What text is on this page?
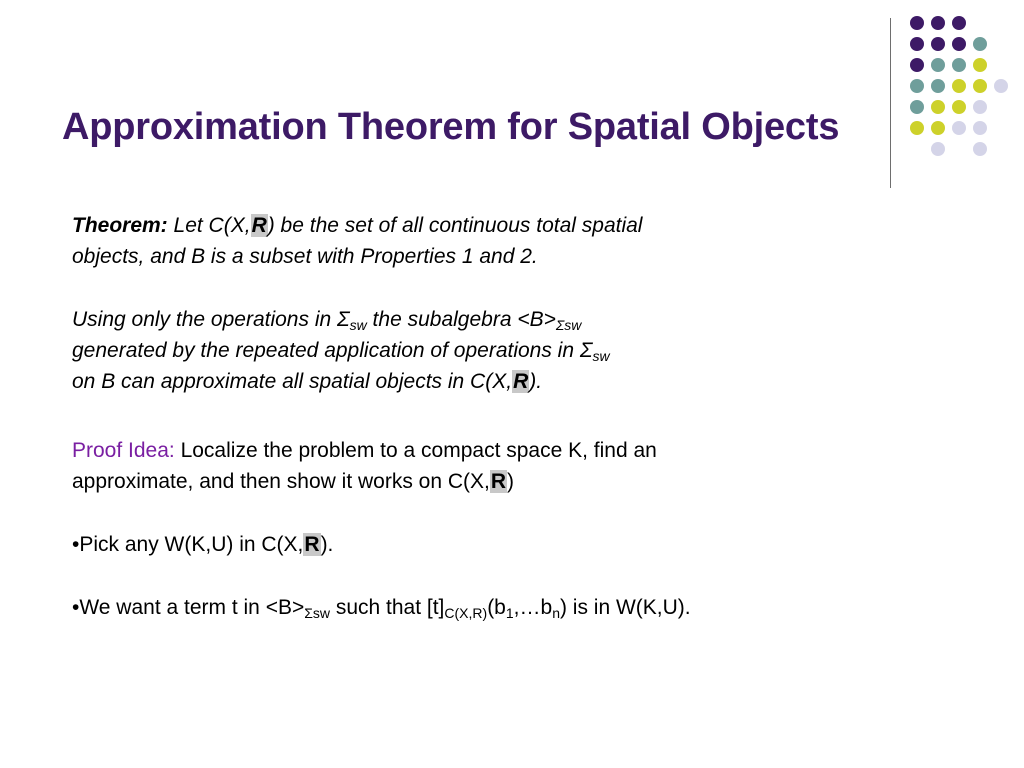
Approximation Theorem for Spatial Objects

Theorem: Let C(X,R) be the set of all continuous total spatial

objects, and B is a subset with Properties 1 and 2.

Using only the operations in $\Sigma_{sw}$ the subalgebra $<B>_{\Sigma sw}$

generated by the repeated application of operations in $\Sigma_{sw}$

on B can approximate all spatial objects in C(X,R).

Proof Idea: Localize the problem to a compact space K, find an

approximate, and then show it works on C(X,R)

•Pick any W(K,U) in C(X,R).

•We want a term t in $<B>_{\Sigma sw}$ such that $[t]_{C(X,R)}(b_1,\dots b_n)$ is in W(K,U).
